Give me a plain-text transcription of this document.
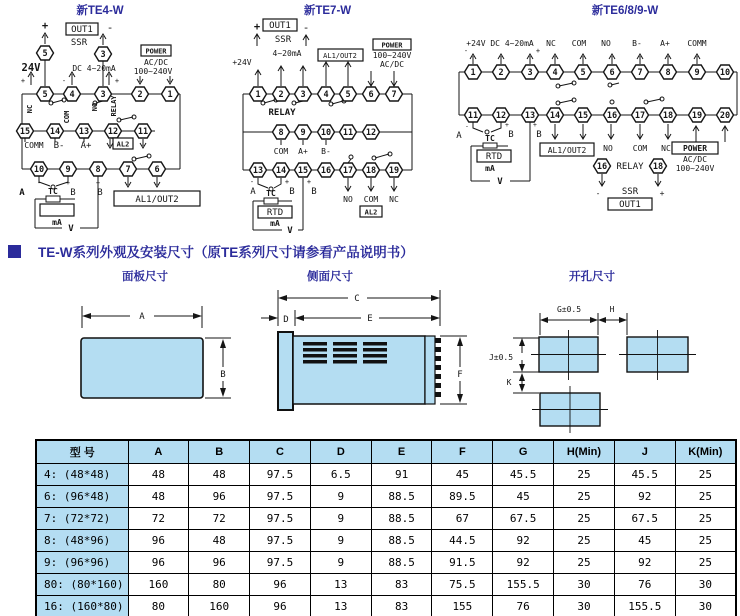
新TE4-W	新TE7-W	新TE6/8/9-W
5	3
5	4	3	2	1
15 14 13 12 11
10	9	8	7	6
+	OUT1 -
SSR
POWER
AC/DC
100~240V
24V	DC 4~20mA
+	-	+
NC
COM
NO RELAY
COMM B- A+	AL2
-	+	+
A	TC B B
mA
V
AL1/OUT2
1 2 3 4 5 6 7
8 9 10 11 12
13 14 15 16 17 18 19
+ OUT1 -
SSR
4~20mA
+24V
AL1/OUT2
POWER
100~240V
AC/DC
RELAY
COM A+ B-
-	+	+
A TC B B
RTD
mA
V
NO COM NC
AL2
1	2	3 4	5	6	7	8	9 10
11 12 13 14 15 16 17 18 19 20
16	18
+24V DC 4~20mA
-	+
NC COM NO	B- A+ COMM
-
A
+
B
+
B
TC
RTD
mA
V
AL1/OUT2 NO COM NC POWER
AC/DC
100~240V
RELAY
- SSR	+
OUT1
TE-W系列外观及安装尺寸（原TE系列尺寸请参看产品说明书）
面板尺寸	侧面尺寸	开孔尺寸
A
B
C
D	E
F
G±0.5	H
J±0.5
K
型 号	A	B	C	D	E	F	G	H(Min)	J	K(Min)
4: (48*48)	48	48	97.5	6.5	91	45	45.5	25	45.5	25
6: (96*48)	48	96	97.5	9	88.5	89.5	45	25	92	25
7: (72*72)	72	72	97.5	9	88.5	67	67.5	25	67.5	25
8: (48*96)	96	48	97.5	9	88.5	44.5	92	25	45	25
9: (96*96)	96	96	97.5	9	88.5	91.5	92	25	92	25
80: (80*160)	160	80	96	13	83	75.5	155.5	30	76	30
16: (160*80)	80	160	96	13	83	155	76	30	155.5	30
